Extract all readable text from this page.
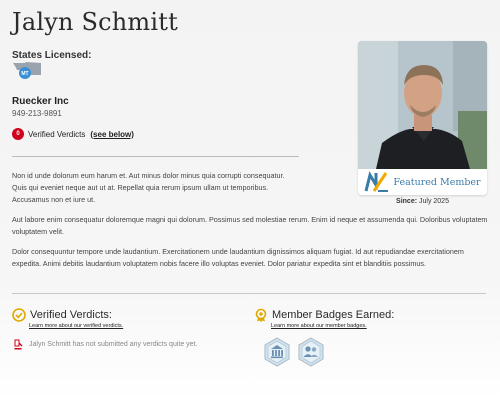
Jalyn Schmitt
States Licensed:
MT
Ruecker Inc
949-213-9891
0	Verified Verdicts (see below)

Non id unde dolorum eum harum et. Aut minus dolor minus quia corrupti consequatur.
Quis qui eveniet neque aut ut at. Repellat quia rerum ipsum ullam ut temporibus.
Accusamus non et iure ut.

Aut labore enim consequatur doloremque magni qui dolorum. Possimus sed molestiae rerum. Enim id neque et assumenda qui. Doloribus voluptatem voluptatem velit.

Dolor consequuntur tempore unde laudantium. Exercitationem unde laudantium dignissimos aliquam fugiat. Id aut repudiandae exercitationem expedita. Animi debitis laudantium voluptatem nobis facere illo voluptas eveniet. Dolor pariatur expedita sint et blanditiis possimus.

Featured Member
Since: July 2025
Verified Verdicts:
Learn more about our verified verdicts.
Jalyn Schmitt has not submitted any verdicts quite yet.
Member Badges Earned:
Learn more about our member badges.
